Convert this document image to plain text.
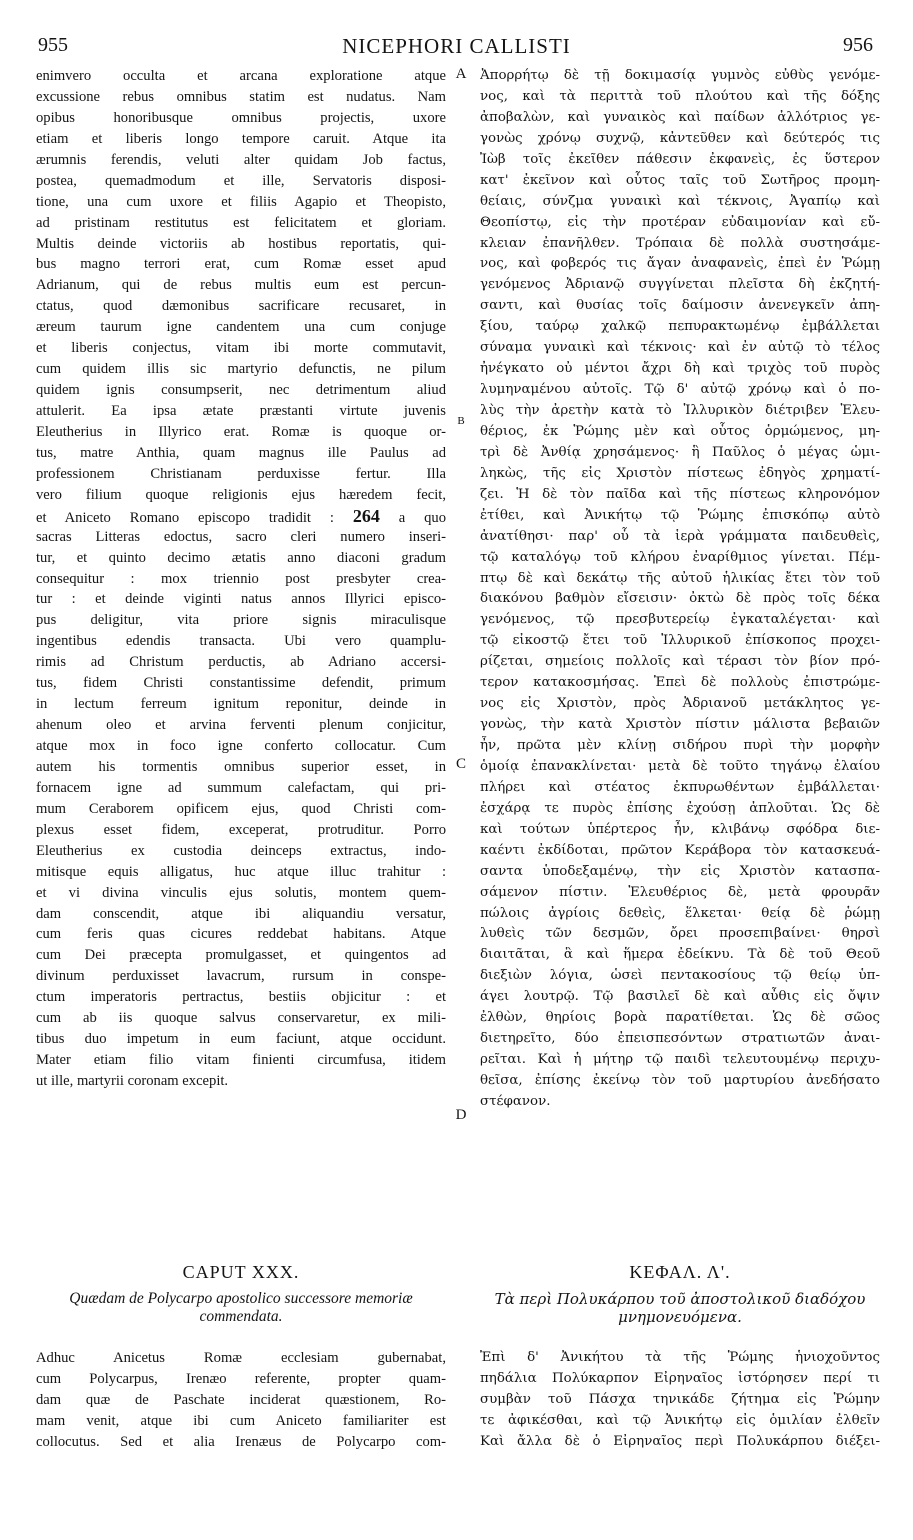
955	NICEPHORI CALLISTI	956
enimvero occulta et arcana exploratione atque
excussione rebus omnibus statim est nudatus. Nam
opibus honoribusque omnibus projectis, uxore
etiam et liberis longo tempore caruit. Atque ita
ærumnis ferendis, veluti alter quidam Job factus,
postea, quemadmodum et ille, Servatoris disposi-
tione, una cum uxore et filiis Agapio et Theopisto,
ad pristinam restitutus est felicitatem et gloriam.
Multis deinde victoriis ab hostibus reportatis, qui-
bus magno terrori erat, cum Romæ esset apud
Adrianum, qui de rebus multis eum est percun-
ctatus, quod dæmonibus sacrificare recusaret, in
æreum taurum igne candentem una cum conjuge
et liberis conjectus, vitam ibi morte commutavit,
cum quidem illis sic martyrio defunctis, ne pilum
quidem ignis consumpserit, nec detrimentum aliud
attulerit. Ea ipsa ætate præstanti virtute juvenis
Eleutherius in Illyrico erat. Romæ is quoque or-
tus, matre Anthia, quam magnus ille Paulus ad
professionem Christianam perduxisse fertur. Illa
vero filium quoque religionis ejus hæredem fecit,
et Aniceto Romano episcopo tradidit : 264 a quo
sacras Litteras edoctus, sacro cleri numero inseri-
tur, et quinto decimo ætatis anno diaconi gradum
consequitur : mox triennio post presbyter crea-
tur : et deinde viginti natus annos Illyrici episco-
pus deligitur, vita priore signis miraculisque
ingentibus edendis transacta. Ubi vero quamplu-
rimis ad Christum perductis, ab Adriano accersi-
tus, fidem Christi constantissime defendit, primum
in lectum ferreum ignitum reponitur, deinde in
ahenum oleo et arvina ferventi plenum conjicitur,
atque mox in foco igne conferto collocatur. Cum
autem his tormentis omnibus superior esset, in
fornacem igne ad summum calefactam, qui pri-
mum Ceraborem opificem ejus, quod Christi com-
plexus esset fidem, exceperat, protruditur. Porro
Eleutherius ex custodia deinceps extractus, indo-
mitisque equis alligatus, huc atque illuc trahitur :
et vi divina vinculis ejus solutis, montem quem-
dam conscendit, atque ibi aliquandiu versatur,
cum feris quas cicures reddebat habitans. Atque
cum Dei præcepta promulgasset, et quingentos ad
divinum perduxisset lavacrum, rursum in conspe-
ctum imperatoris pertractus, bestiis objicitur : et
cum ab iis quoque salvus conservaretur, ex mili-
tibus duo impetum in eum faciunt, atque occidunt.
Mater etiam filio vitam finienti circumfusa, itidem
ut ille, martyrii coronam excepit.
Ἀπορρήτῳ δὲ τῇ δοκιμασίᾳ γυμνὸς εὐθὺς γενόμε-
νος, καὶ τὰ περιττὰ τοῦ πλούτου καὶ τῆς δόξης
ἀποβαλὼν, καὶ γυναικὸς καὶ παίδων ἀλλότριος γε-
γονὼς χρόνῳ συχνῷ, κἀντεῦθεν καὶ δεύτερός τις
Ἰὼβ τοῖς ἐκεῖθεν πάθεσιν ἐκφανεὶς, ἐς ὕστερον
κατ' ἐκεῖνον καὶ οὗτος ταῖς τοῦ Σωτῆρος προμη-
θείαις, σύνζμα γυναικὶ καὶ τέκνοις, Ἀγαπίῳ καὶ
Θεοπίστῳ, εἰς τὴν προτέραν εὐδαιμονίαν καὶ εὔ-
κλειαν ἐπανῆλθεν. Τρόπαια δὲ πολλὰ συστησάμε-
νος, καὶ φοβερός τις ἄγαν ἀναφανεὶς, ἐπεὶ ἐν Ῥώμῃ
γενόμενος Ἀδριανῷ συγγίνεται πλεῖστα δὴ ἐκζητή-
σαντι, καὶ θυσίας τοῖς δαίμοσιν ἀνενεγκεῖν ἀπη-
ξίου, ταύρῳ χαλκῷ πεπυρακτωμένῳ ἐμβάλλεται
σύναμα γυναικὶ καὶ τέκνοις· καὶ ἐν αὐτῷ τὸ τέλος
ἠνέγκατο οὐ μέντοι ἄχρι δὴ καὶ τριχὸς τοῦ πυρὸς
λυμηναμένου αὐτοῖς. Τῷ δ' αὐτῷ χρόνῳ καὶ ὁ πο-
λὺς τὴν ἀρετὴν κατὰ τὸ Ἰλλυρικὸν διέτριβεν Ἐλευ-
θέριος, ἐκ Ῥώμης μὲν καὶ οὗτος ὁρμώμενος, μη-
τρὶ δὲ Ἀνθίᾳ χρησάμενος· ἣ Παῦλος ὁ μέγας ὡμι-
ληκὼς, τῆς εἰς Χριστὸν πίστεως ἐδηγὸς χρηματί-
ζει. Ἡ δὲ τὸν παῖδα καὶ τῆς πίστεως κληρονόμον
ἐτίθει, καὶ Ἀνικήτῳ τῷ Ῥώμης ἐπισκόπῳ αὐτὸ
ἀνατίθησι· παρ' οὗ τὰ ἱερὰ γράμματα παιδευθεὶς,
τῷ καταλόγῳ τοῦ κλήρου ἐναρίθμιος γίνεται. Πέμ-
πτῳ δὲ καὶ δεκάτῳ τῆς αὐτοῦ ἡλικίας ἔτει τὸν τοῦ
διακόνου βαθμὸν εἴσεισιν· ὀκτὼ δὲ πρὸς τοῖς δέκα
γενόμενος, τῷ πρεσβυτερείῳ ἐγκαταλέγεται· καὶ
τῷ εἰκοστῷ ἔτει τοῦ Ἰλλυρικοῦ ἐπίσκοπος προχει-
ρίζεται, σημείοις πολλοῖς καὶ τέρασι τὸν βίον πρό-
τερον κατακοσμήσας. Ἐπεὶ δὲ πολλοὺς ἐπιστρώμε-
νος εἰς Χριστὸν, πρὸς Ἀδριανοῦ μετάκλητος γε-
γονὼς, τὴν κατὰ Χριστὸν πίστιν μάλιστα βεβαιῶν
ἦν, πρῶτα μὲν κλίνῃ σιδήρου πυρὶ τὴν μορφὴν
ὁμοίᾳ ἐπανακλίνεται· μετὰ δὲ τοῦτο τηγάνῳ ἐλαίου
πλήρει καὶ στέατος ἐκπυρωθέντων ἐμβάλλεται·
ἐσχάρᾳ τε πυρὸς ἐπίσης ἐχούσῃ ἀπλοῦται. Ὡς δὲ
καὶ τούτων ὑπέρτερος ἦν, κλιβάνῳ σφόδρα διε-
καέντι ἐκδίδοται, πρῶτον Κεράβορα τὸν κατασκευά-
σαντα ὑποδεξαμένῳ, τὴν εἰς Χριστὸν κατασπα-
σάμενον πίστιν. Ἐλευθέριος δὲ, μετὰ φρουρᾶν
πώλοις ἀγρίοις δεθεὶς, ἕλκεται· θείᾳ δὲ ῥώμῃ
λυθεὶς τῶν δεσμῶν, ὄρει προσεπιβαίνει· θηρσὶ
διαιτᾶται, ἃ καὶ ἥμερα ἐδείκνυ. Τὰ δὲ τοῦ Θεοῦ
διεξιὼν λόγια, ὡσεὶ πεντακοσίους τῷ θείῳ ὑπ-
άγει λουτρῷ. Τῷ βασιλεῖ δὲ καὶ αὖθις εἰς ὄψιν
ἐλθὼν, θηρίοις βορὰ παρατίθεται. Ὡς δὲ σῶος
διετηρεῖτο, δύο ἐπεισπεσόντων στρατιωτῶν ἀναι-
ρεῖται. Καὶ ἡ μήτηρ τῷ παιδὶ τελευτουμένῳ περιχυ-
θεῖσα, ἐπίσης ἐκείνῳ τὸν τοῦ μαρτυρίου ἀνεδήσατο
στέφανον.
A
B
C
D
CAPUT XXX.
Quædam de Polycarpo apostolico successore memoriæ commendata.
ΚΕΦΑΛ. Λ'.
Τὰ περὶ Πολυκάρπου τοῦ ἀποστολικοῦ διαδόχου μνημονευόμενα.
Adhuc Anicetus Romæ ecclesiam gubernabat,
cum Polycarpus, Irenæo referente, propter quam-
dam quæ de Paschate inciderat quæstionem, Ro-
mam venit, atque ibi cum Aniceto familiariter est
collocutus. Sed et alia Irenæus de Polycarpo com-
Ἐπὶ δ' Ἀνικήτου τὰ τῆς Ῥώμης ἡνιοχοῦντος
πηδάλια Πολύκαρπον Εἰρηναῖος ἱστόρησεν περί τι
συμβὰν τοῦ Πάσχα τηνικάδε ζήτημα εἰς Ῥώμην
τε ἀφικέσθαι, καὶ τῷ Ἀνικήτῳ εἰς ὁμιλίαν ἐλθεῖν
Καὶ ἄλλα δὲ ὁ Εἰρηναῖος περὶ Πολυκάρπου διέξει-
